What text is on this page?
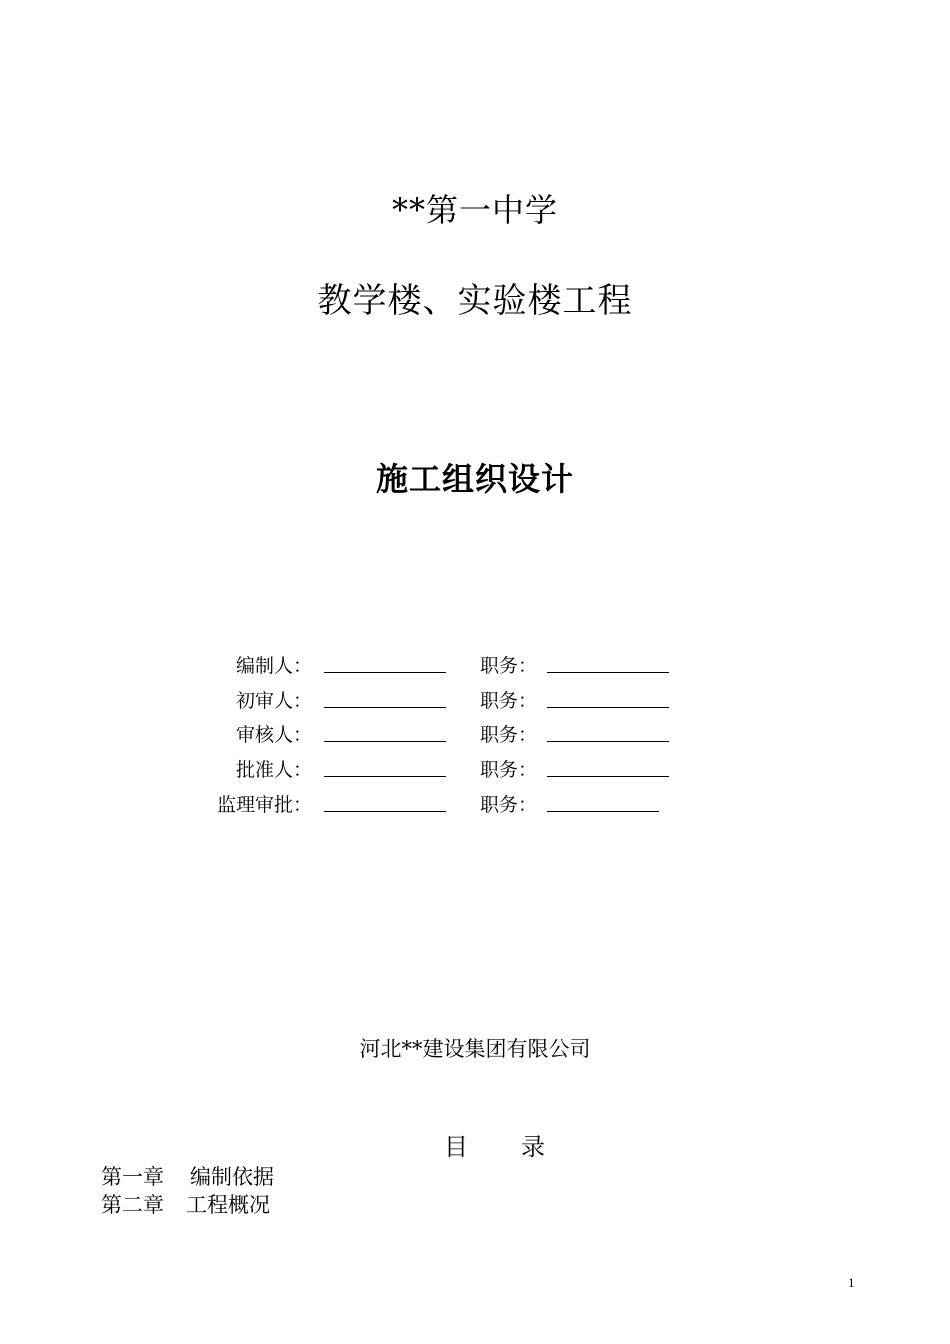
**第一中学
教学楼、实验楼工程
施工组织设计
编制人：	职务：
初审人：	职务：
审核人：	职务：
批准人：	职务：
监理审批：	职务：
河北**建设集团有限公司
目 录
第一章 编制依据
第二章 工程概况
1
